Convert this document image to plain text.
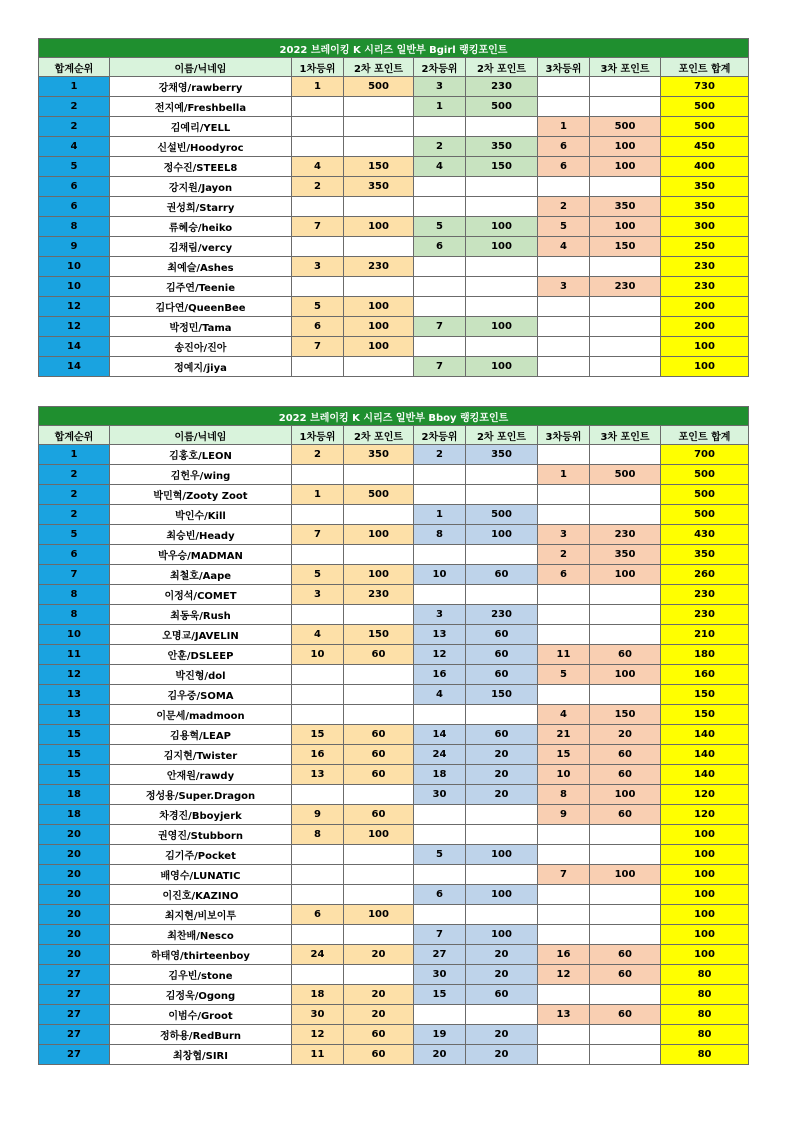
2022 브레이킹 K 시리즈 일반부 Bgirl 랭킹포인트								
합계순위	이름/닉네임	1차등위	2차 포인트	2차등위	2차 포인트	3차등위	3차 포인트	포인트 합계
1	강채영/rawberry	1	500	3	230			730
2	전지예/Freshbella			1	500			500
2	김예리/YELL					1	500	500
4	신설빈/Hoodyroc			2	350	6	100	450
5	정수진/STEEL8	4	150	4	150	6	100	400
6	강지원/Jayon	2	350					350
6	권성희/Starry					2	350	350
8	류혜승/heiko	7	100	5	100	5	100	300
9	김채림/vercy			6	100	4	150	250
10	최예슬/Ashes	3	230					230
10	김주연/Teenie					3	230	230
12	김다연/QueenBee	5	100					200
12	박정민/Tama	6	100	7	100			200
14	송진아/진아	7	100					100
14	정예지/jiya			7	100			100
2022 브레이킹 K 시리즈 일반부 Bboy 랭킹포인트								
합계순위	이름/닉네임	1차등위	2차 포인트	2차등위	2차 포인트	3차등위	3차 포인트	포인트 합계
1	김홍호/LEON	2	350	2	350			700
2	김헌우/wing					1	500	500
2	박민혁/Zooty Zoot	1	500					500
2	박인수/Kill			1	500			500
5	최승빈/Heady	7	100	8	100	3	230	430
6	박우승/MADMAN					2	350	350
7	최철호/Aape	5	100	10	60	6	100	260
8	이정석/COMET	3	230					230
8	최동욱/Rush			3	230			230
10	오명교/JAVELIN	4	150	13	60			210
11	안훈/DSLEEP	10	60	12	60	11	60	180
12	박진형/dol			16	60	5	100	160
13	김우중/SOMA			4	150			150
13	이문세/madmoon					4	150	150
15	김용혁/LEAP	15	60	14	60	21	20	140
15	김지현/Twister	16	60	24	20	15	60	140
15	안재원/rawdy	13	60	18	20	10	60	140
18	정성용/Super.Dragon			30	20	8	100	120
18	차경진/Bboyjerk	9	60			9	60	120
20	권영진/Stubborn	8	100					100
20	김기주/Pocket			5	100			100
20	배영수/LUNATIC					7	100	100
20	이진호/KAZINO			6	100			100
20	최지현/비보이투	6	100					100
20	최찬배/Nesco			7	100			100
20	하태영/thirteenboy	24	20	27	20	16	60	100
27	김우빈/stone			30	20	12	60	80
27	김정욱/Ogong	18	20	15	60			80
27	이범수/Groot	30	20			13	60	80
27	정하용/RedBurn	12	60	19	20			80
27	최창협/SIRI	11	60	20	20			80
